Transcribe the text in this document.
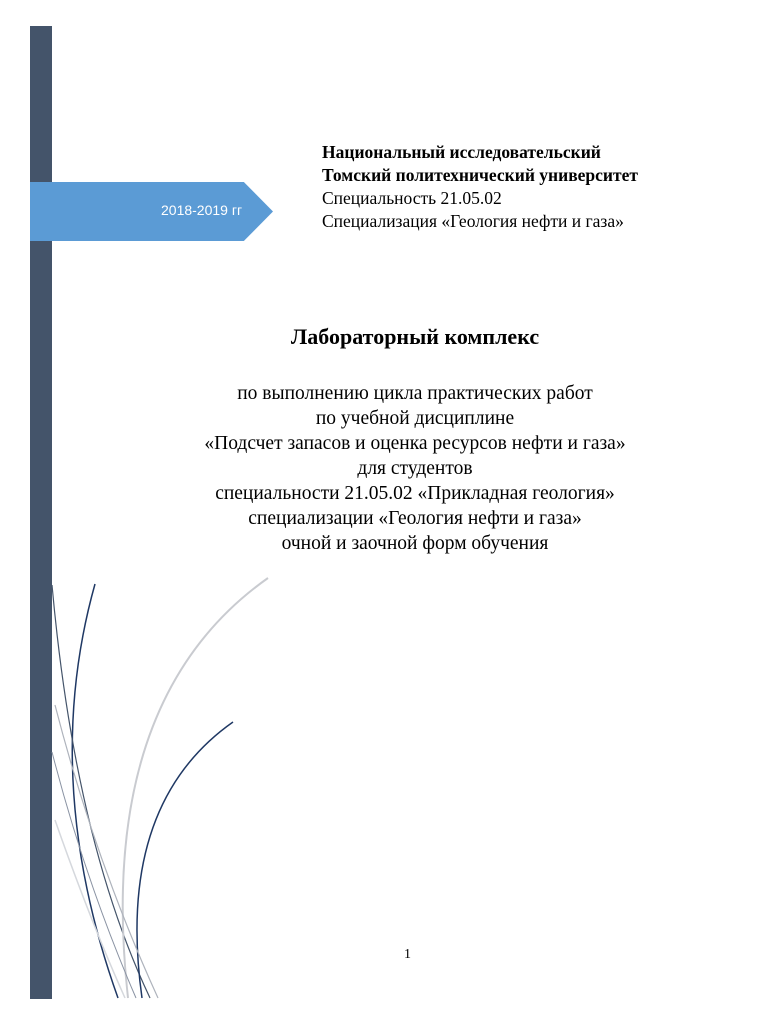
2018-2019 гг
Национальный исследовательский
Томский политехнический университет
Специальность 21.05.02
Специализация «Геология нефти и газа»
Лабораторный комплекс
по выполнению цикла практических работ
по учебной дисциплине
«Подсчет запасов и оценка ресурсов нефти и газа»
для студентов
специальности 21.05.02 «Прикладная геология»
специализации «Геология нефти и газа»
очной и заочной форм обучения
1
